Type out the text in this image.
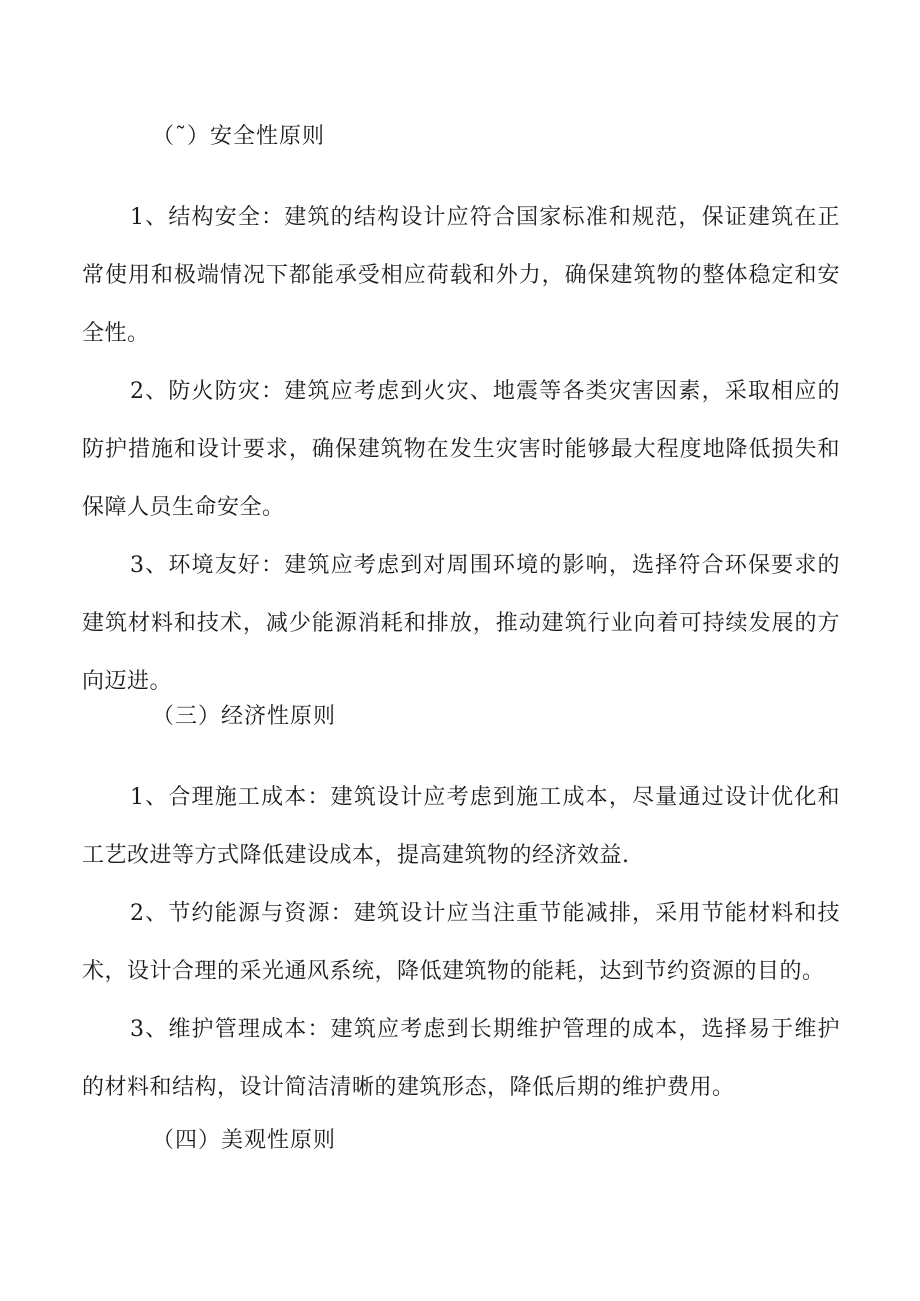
（˜）安全性原则

1、结构安全：建筑的结构设计应符合国家标准和规范，保证建筑在正常使用和极端情况下都能承受相应荷载和外力，确保建筑物的整体稳定和安全性。

2、防火防灾：建筑应考虑到火灾、地震等各类灾害因素，采取相应的防护措施和设计要求，确保建筑物在发生灾害时能够最大程度地降低损失和保障人员生命安全。

3、环境友好：建筑应考虑到对周围环境的影响，选择符合环保要求的建筑材料和技术，减少能源消耗和排放，推动建筑行业向着可持续发展的方向迈进。

（三）经济性原则

1、合理施工成本：建筑设计应考虑到施工成本，尽量通过设计优化和工艺改进等方式降低建设成本，提高建筑物的经济效益.

2、节约能源与资源：建筑设计应当注重节能减排，采用节能材料和技术，设计合理的采光通风系统，降低建筑物的能耗，达到节约资源的目的。

3、维护管理成本：建筑应考虑到长期维护管理的成本，选择易于维护的材料和结构，设计简洁清晰的建筑形态，降低后期的维护费用。

（四）美观性原则
